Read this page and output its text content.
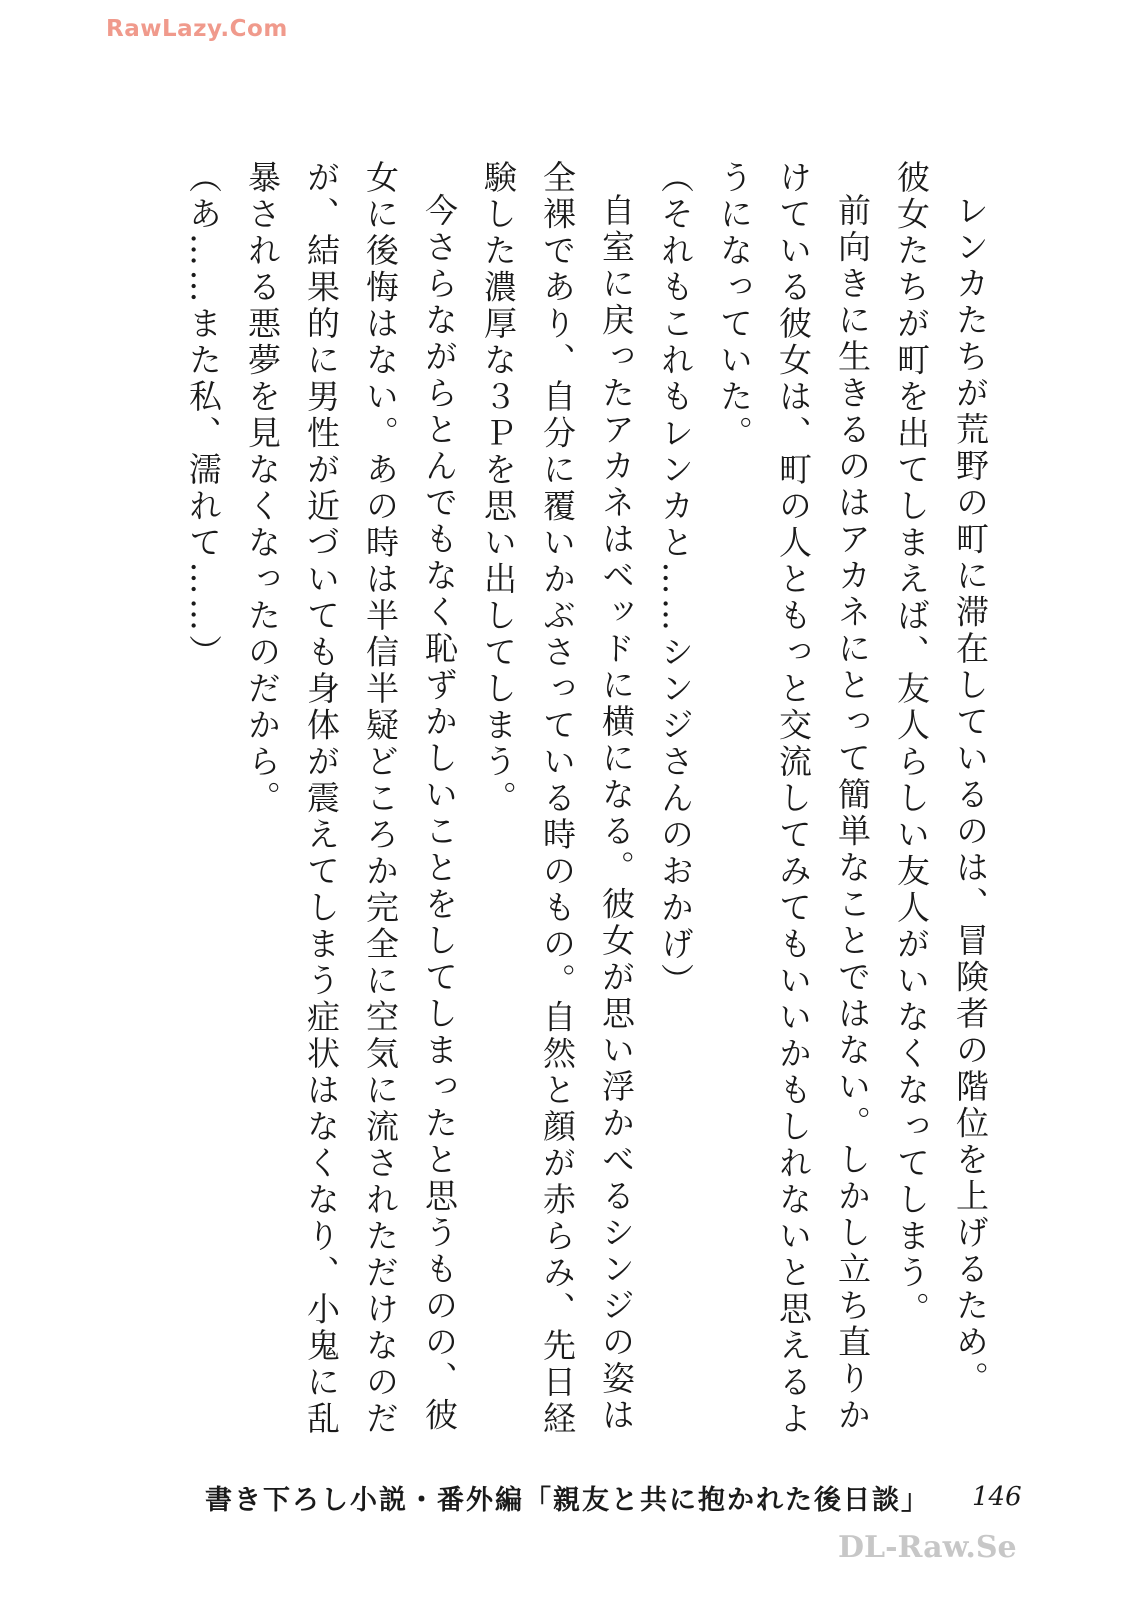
RawLazy.Com

レンカたちが荒野の町に滞在しているのは、冒険者の階位を上げるため。

彼女たちが町を出てしまえば、友人らしい友人がいなくなってしまう。

前向きに生きるのはアカネにとって簡単なことではない。しかし立ち直りかけている彼女は、町の人ともっと交流してみてもいいかもしれないと思えるようになっていた。

（それもこれもレンカと……シンジさんのおかげ）

自室に戻ったアカネはベッドに横になる。彼女が思い浮かべるシンジの姿は全裸であり、自分に覆いかぶさっている時のもの。自然と顔が赤らみ、先日経験した濃厚な３Ｐを思い出してしまう。

今さらながらとんでもなく恥ずかしいことをしてしまったと思うものの、彼女に後悔はない。あの時は半信半疑どころか完全に空気に流されただけなのだが、結果的に男性が近づいても身体が震えてしまう症状はなくなり、小鬼に乱暴される悪夢を見なくなったのだから。

（あ……また私、濡れて……）

書き下ろし小説・番外編「親友と共に抱かれた後日談」 146
DL-Raw.Se
